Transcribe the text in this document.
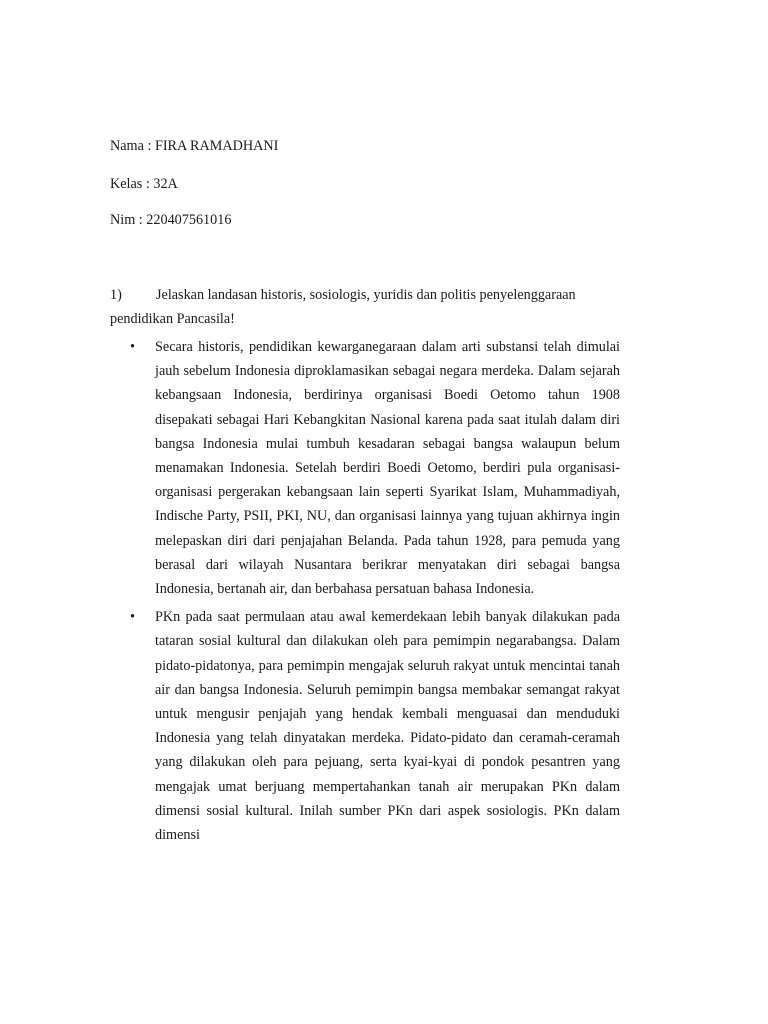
Nama : FIRA RAMADHANI
Kelas : 32A
Nim : 220407561016
1) Jelaskan landasan historis, sosiologis, yuridis dan politis penyelenggaraan pendidikan Pancasila!
• Secara historis, pendidikan kewarganegaraan dalam arti substansi telah dimulai jauh sebelum Indonesia diproklamasikan sebagai negara merdeka. Dalam sejarah kebangsaan Indonesia, berdirinya organisasi Boedi Oetomo tahun 1908 disepakati sebagai Hari Kebangkitan Nasional karena pada saat itulah dalam diri bangsa Indonesia mulai tumbuh kesadaran sebagai bangsa walaupun belum menamakan Indonesia. Setelah berdiri Boedi Oetomo, berdiri pula organisasi-organisasi pergerakan kebangsaan lain seperti Syarikat Islam, Muhammadiyah, Indische Party, PSII, PKI, NU, dan organisasi lainnya yang tujuan akhirnya ingin melepaskan diri dari penjajahan Belanda. Pada tahun 1928, para pemuda yang berasal dari wilayah Nusantara berikrar menyatakan diri sebagai bangsa Indonesia, bertanah air, dan berbahasa persatuan bahasa Indonesia.
• PKn pada saat permulaan atau awal kemerdekaan lebih banyak dilakukan pada tataran sosial kultural dan dilakukan oleh para pemimpin negarabangsa. Dalam pidato-pidatonya, para pemimpin mengajak seluruh rakyat untuk mencintai tanah air dan bangsa Indonesia. Seluruh pemimpin bangsa membakar semangat rakyat untuk mengusir penjajah yang hendak kembali menguasai dan menduduki Indonesia yang telah dinyatakan merdeka. Pidato-pidato dan ceramah-ceramah yang dilakukan oleh para pejuang, serta kyai-kyai di pondok pesantren yang mengajak umat berjuang mempertahankan tanah air merupakan PKn dalam dimensi sosial kultural. Inilah sumber PKn dari aspek sosiologis. PKn dalam dimensi
